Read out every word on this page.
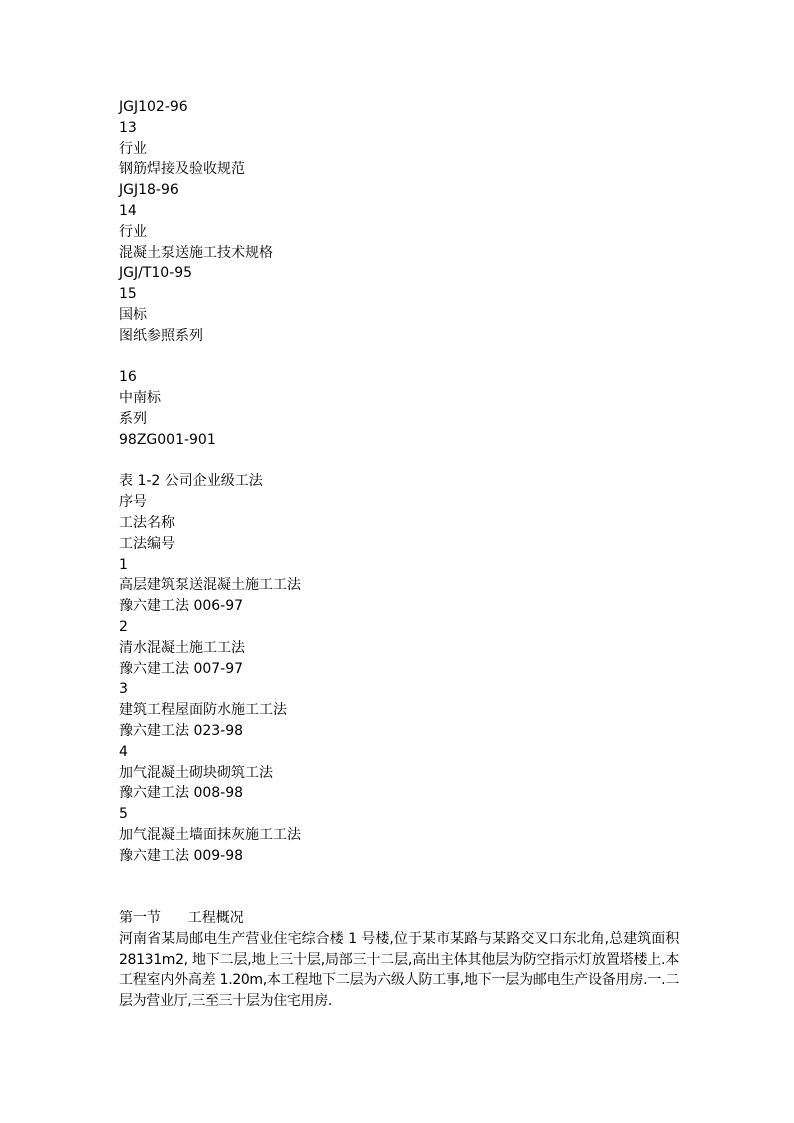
JGJ102-96
13
行业
钢筋焊接及验收规范
JGJ18-96
14
行业
混凝土泵送施工技术规格
JGJ/T10-95
15
国标
图纸参照系列
16
中南标
系列
98ZG001-901
表 1-2 公司企业级工法
序号
工法名称
工法编号
1
高层建筑泵送混凝土施工工法
豫六建工法 006-97
2
清水混凝土施工工法
豫六建工法 007-97
3
建筑工程屋面防水施工工法
豫六建工法 023-98
4
加气混凝土砌块砌筑工法
豫六建工法 008-98
5
加气混凝土墙面抹灰施工工法
豫六建工法 009-98
第一节      工程概况
河南省某局邮电生产营业住宅综合楼 1 号楼,位于某市某路与某路交叉口东北角,总建筑面积 28131m2, 地下二层,地上三十层,局部三十二层,高出主体其他层为防空指示灯放置塔楼上.本工程室内外高差 1.20m,本工程地下二层为六级人防工事,地下一层为邮电生产设备用房.一.二层为营业厅,三至三十层为住宅用房.
